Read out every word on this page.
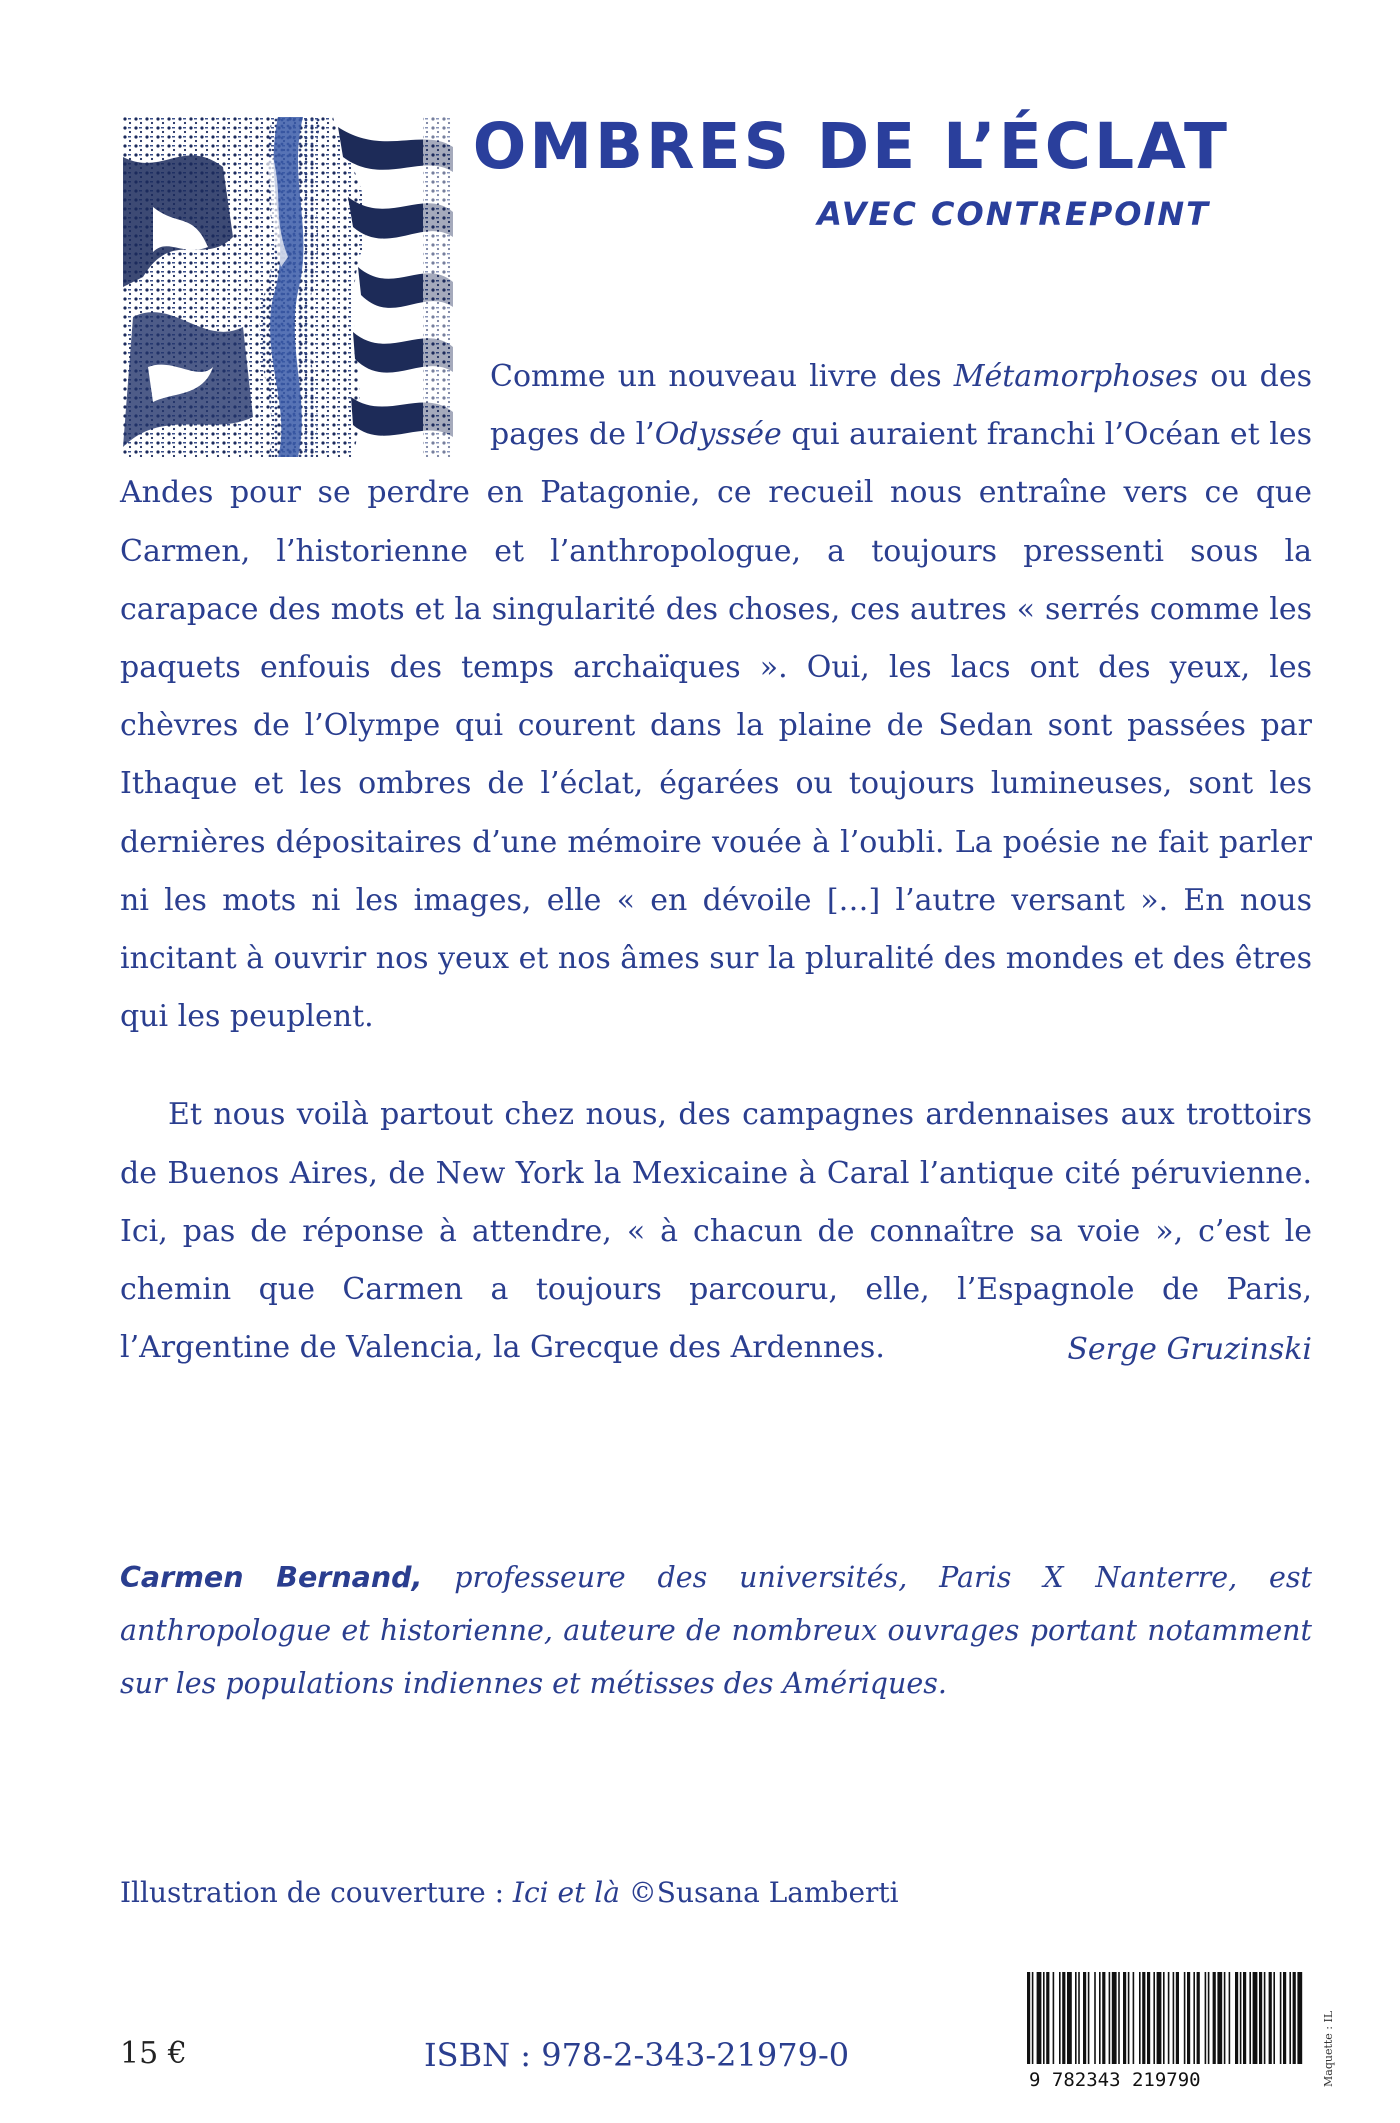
OMBRES DE L’ÉCLAT
AVEC CONTREPOINT

Comme un nouveau livre des Métamorphoses ou des pages de l’Odyssée qui auraient franchi l’Océan et les Andes pour se perdre en Patagonie, ce recueil nous entraîne vers ce que Carmen, l’historienne et l’anthropologue, a toujours pressenti sous la carapace des mots et la singularité des choses, ces autres « serrés comme les paquets enfouis des temps archaïques ». Oui, les lacs ont des yeux, les chèvres de l’Olympe qui courent dans la plaine de Sedan sont passées par Ithaque et les ombres de l’éclat, égarées ou toujours lumineuses, sont les dernières dépositaires d’une mémoire vouée à l’oubli. La poésie ne fait parler ni les mots ni les images, elle « en dévoile […] l’autre versant ». En nous incitant à ouvrir nos yeux et nos âmes sur la pluralité des mondes et des êtres qui les peuplent.

Et nous voilà partout chez nous, des campagnes ardennaises aux trottoirs de Buenos Aires, de New York la Mexicaine à Caral l’antique cité péruvienne. Ici, pas de réponse à attendre, « à chacun de connaître sa voie », c’est le chemin que Carmen a toujours parcouru, elle, l’Espagnole de Paris, l’Argentine de Valencia, la Grecque des Ardennes.	Serge Gruzinski

Carmen Bernand, professeure des universités, Paris X Nanterre, est anthropologue et historienne, auteure de nombreux ouvrages portant notamment sur les populations indiennes et métisses des Amériques.

Illustration de couverture : Ici et là ©Susana Lamberti
15 €	ISBN : 978-2-343-21979-0
9 782343 219790	Maquette : IL
